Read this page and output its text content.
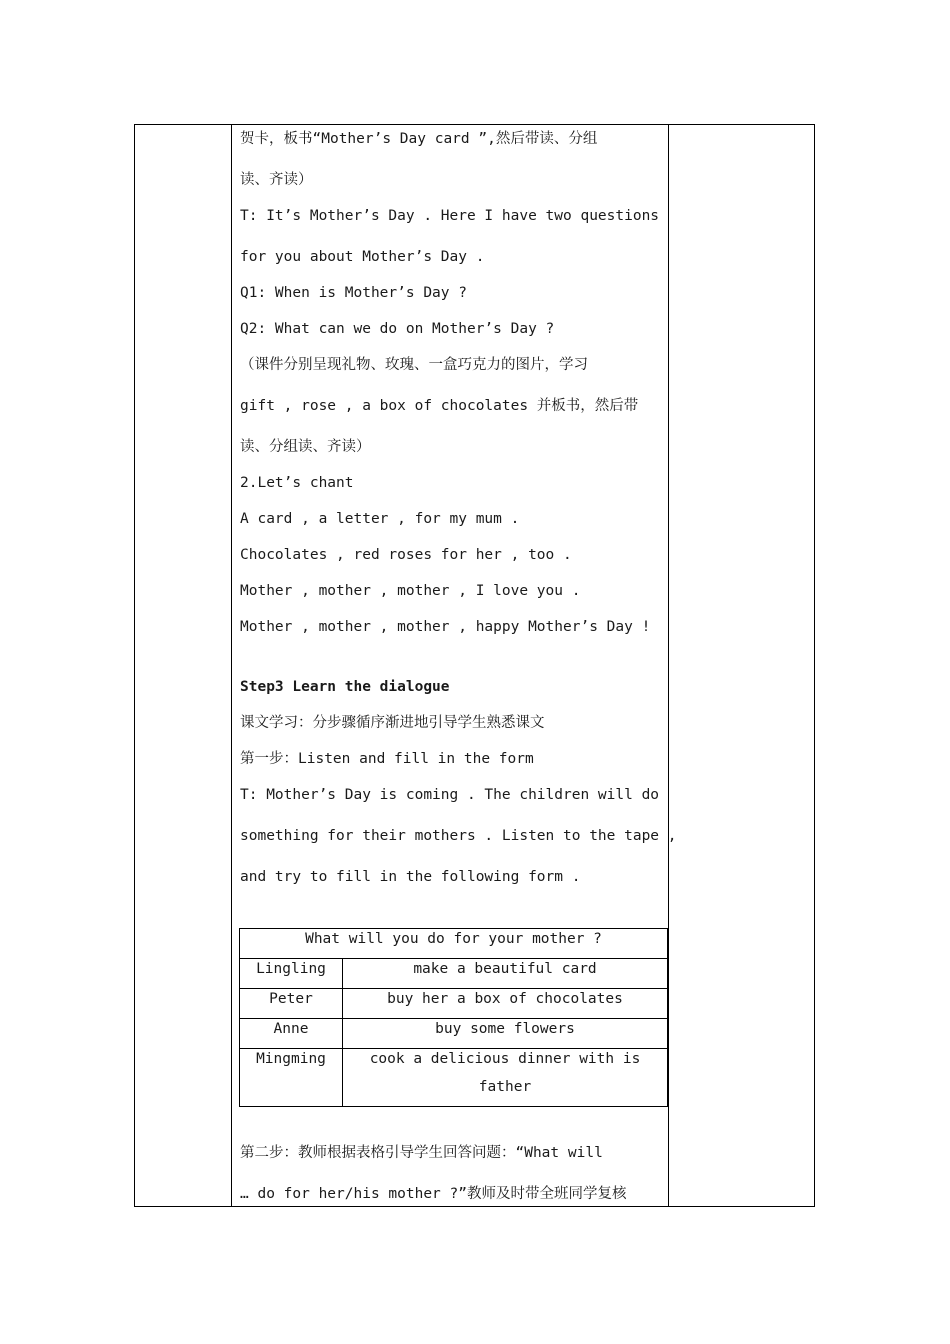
贺卡，板书“Mother’s Day card ”,然后带读、分组
读、齐读）
T: It’s Mother’s Day . Here I have two questions
for you about Mother’s Day .
Q1: When is Mother’s Day ?
Q2: What can we do on Mother’s Day ?
（课件分别呈现礼物、玫瑰、一盒巧克力的图片，学习
gift , rose , a box of chocolates 并板书，然后带
读、分组读、齐读）
2.Let’s chant
A card , a letter , for my mum .
Chocolates , red roses for her , too .
Mother , mother , mother , I love you .
Mother , mother , mother , happy Mother’s Day !
Step3 Learn the dialogue
课文学习：分步骤循序渐进地引导学生熟悉课文
第一步：Listen and fill in the form
T: Mother’s Day is coming . The children will do
something for their mothers . Listen to the tape ,
and try to fill in the following form .
第二步：教师根据表格引导学生回答问题：“What will
… do for her/his mother ?”教师及时带全班同学复核
What will you do for your mother ?
Lingling	make a beautiful card
Peter	buy her a box of chocolates
Anne	buy some flowers
Mingming	cook a delicious dinner with is
father
